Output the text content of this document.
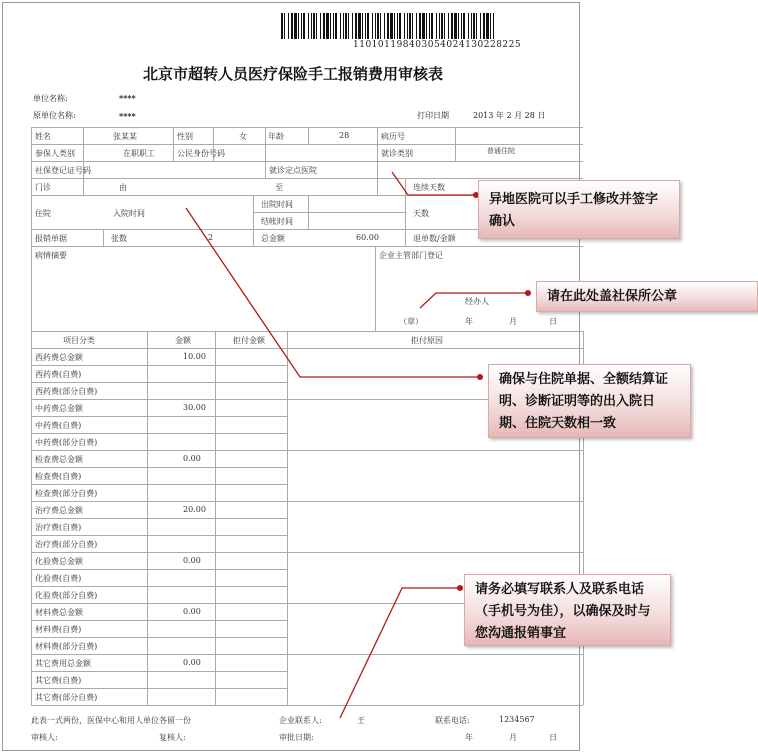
1101011984030540241302282​25
北京市超转人员医疗保险手工报销费用审核表
单位名称:	****
原单位名称:	****	打印日期	2013 年 2 月 28 日
姓名	张某某	性别	女	年龄	28	病历号
参保人类别	在职职工	公民身份号码	就诊类别	普通住院
社保登记证号码	就诊定点医院
门诊	由	至	连续天数
住院	入院时间
出院时间
结帐时间
天数
报销单据	张数	2	总金额	60.00	退单数/金额
病情摘要	企业主管部门登记
经办人
（章）	年	月	日
此表一式两份，医保中心和用人单位各留一份	企业联系人:	王	联系电话:	1234567
审核人:	复核人:	审批日期:	年	月	日
项目分类	金额	拒付金额	拒付原因
西药费总金额	10.00
西药费(自费)
西药费(部分自费)
中药费总金额	30.00
中药费(自费)
中药费(部分自费)
检查费总金额	0.00
检查费(自费)
检查费(部分自费)
治疗费总金额	20.00
治疗费(自费)
治疗费(部分自费)
化验费总金额	0.00
化验费(自费)
化验费(部分自费)
材料费总金额	0.00
材料费(自费)
材料费(部分自费)
其它费用总金额	0.00
其它费(自费)
其它费(部分自费)
异地医院可以手工修改并签字确认
请在此处盖社保所公章
确保与住院单据、全额结算证明、诊断证明等的出入院日期、住院天数相一致
请务必填写联系人及联系电话（手机号为佳），以确保及时与您沟通报销事宜
